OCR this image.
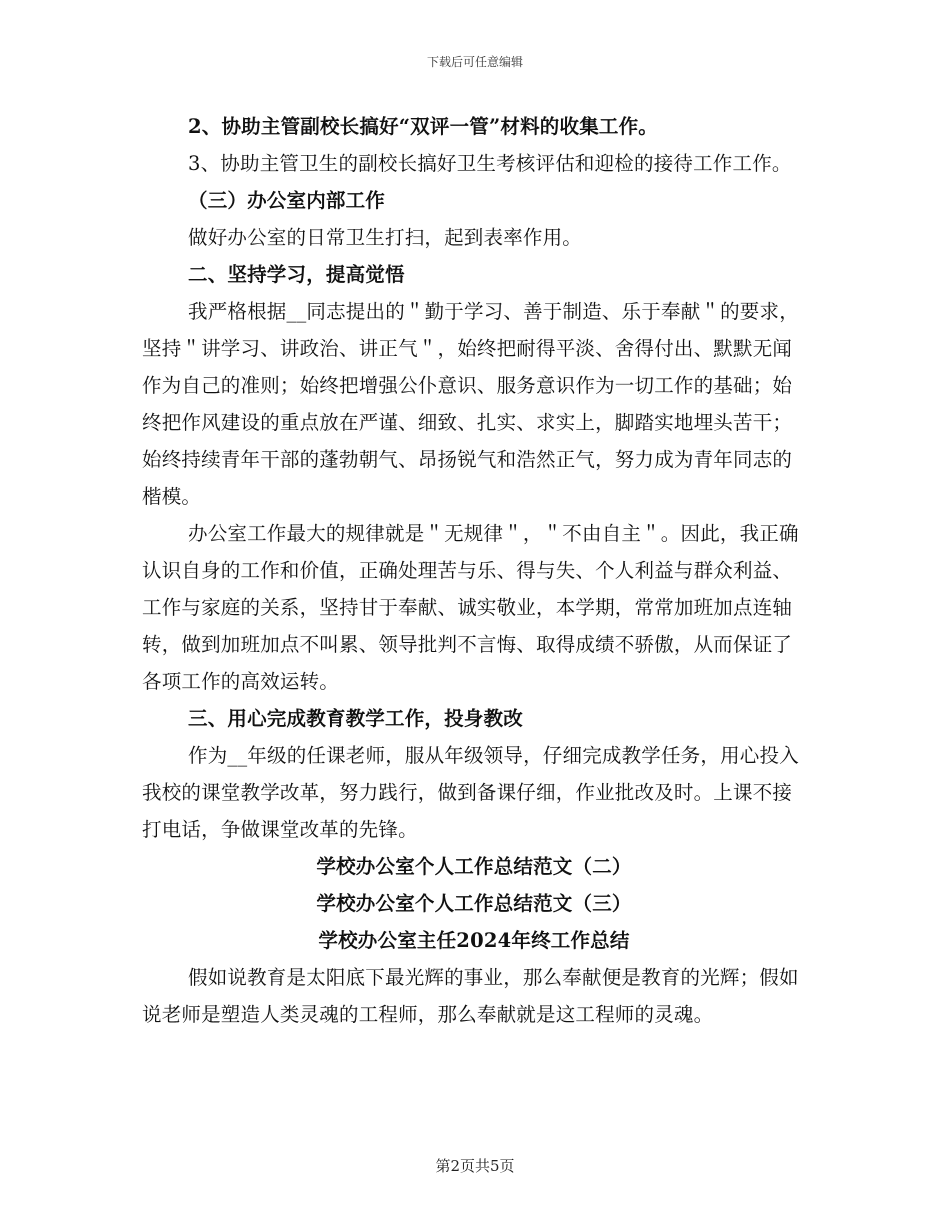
下载后可任意编辑

2、协助主管副校长搞好“双评一管”材料的收集工作。

3、协助主管卫生的副校长搞好卫生考核评估和迎检的接待工作工作。

（三）办公室内部工作

做好办公室的日常卫生打扫，起到表率作用。

二、坚持学习，提高觉悟

我严格根据__同志提出的＂勤于学习、善于制造、乐于奉献＂的要求，坚持＂讲学习、讲政治、讲正气＂，始终把耐得平淡、舍得付出、默默无闻作为自己的准则；始终把增强公仆意识、服务意识作为一切工作的基础；始终把作风建设的重点放在严谨、细致、扎实、求实上，脚踏实地埋头苦干；始终持续青年干部的蓬勃朝气、昂扬锐气和浩然正气，努力成为青年同志的楷模。

办公室工作最大的规律就是＂无规律＂，＂不由自主＂。因此，我正确认识自身的工作和价值，正确处理苦与乐、得与失、个人利益与群众利益、工作与家庭的关系，坚持甘于奉献、诚实敬业，本学期，常常加班加点连轴转，做到加班加点不叫累、领导批判不言悔、取得成绩不骄傲，从而保证了各项工作的高效运转。

三、用心完成教育教学工作，投身教改

作为__年级的任课老师，服从年级领导，仔细完成教学任务，用心投入我校的课堂教学改革，努力践行，做到备课仔细，作业批改及时。上课不接打电话，争做课堂改革的先锋。

学校办公室个人工作总结范文（二）

学校办公室个人工作总结范文（三）

学校办公室主任2024年终工作总结

假如说教育是太阳底下最光辉的事业，那么奉献便是教育的光辉；假如说老师是塑造人类灵魂的工程师，那么奉献就是这工程师的灵魂。

第2页共5页
